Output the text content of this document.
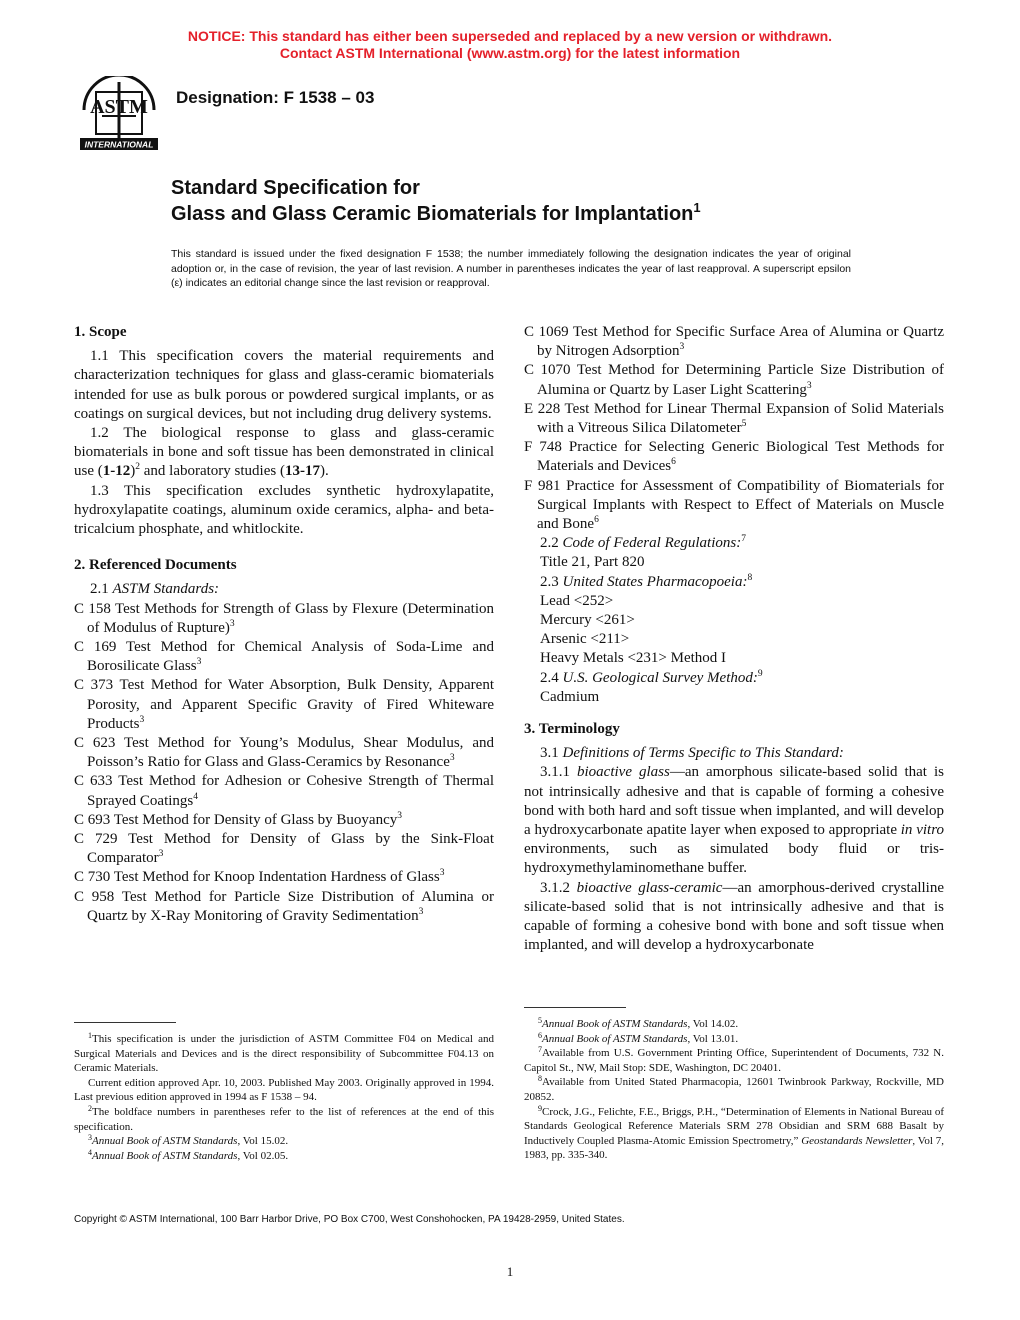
NOTICE: This standard has either been superseded and replaced by a new version or withdrawn.
Contact ASTM International (www.astm.org) for the latest information
ASTM
INTERNATIONAL
Designation: F 1538 – 03
Standard Specification for
Glass and Glass Ceramic Biomaterials for Implantation$^1$
This standard is issued under the fixed designation F 1538; the number immediately following the designation indicates the year of original adoption or, in the case of revision, the year of last revision. A number in parentheses indicates the year of last reapproval. A superscript epsilon (ε) indicates an editorial change since the last revision or reapproval.

1. Scope

1.1 This specification covers the material requirements and characterization techniques for glass and glass-ceramic biomaterials intended for use as bulk porous or powdered surgical implants, or as coatings on surgical devices, but not including drug delivery systems.

1.2 The biological response to glass and glass-ceramic biomaterials in bone and soft tissue has been demonstrated in clinical use $(1-12)^2$ and laboratory studies (13-17).

1.3 This specification excludes synthetic hydroxylapatite, hydroxylapatite coatings, aluminum oxide ceramics, alpha- and beta-tricalcium phosphate, and whitlockite.

2. Referenced Documents

2.1 ASTM Standards:

C 158 Test Methods for Strength of Glass by Flexure (Determination of Modulus of Rupture)$^3$

C 169 Test Method for Chemical Analysis of Soda-Lime and Borosilicate Glass$^3$

C 373 Test Method for Water Absorption, Bulk Density, Apparent Porosity, and Apparent Specific Gravity of Fired Whiteware Products$^3$

C 623 Test Method for Young’s Modulus, Shear Modulus, and Poisson’s Ratio for Glass and Glass-Ceramics by Resonance$^3$

C 633 Test Method for Adhesion or Cohesive Strength of Thermal Sprayed Coatings$^4$

C 693 Test Method for Density of Glass by Buoyancy$^3$

C 729 Test Method for Density of Glass by the Sink-Float Comparator$^3$

C 730 Test Method for Knoop Indentation Hardness of Glass$^3$

C 958 Test Method for Particle Size Distribution of Alumina or Quartz by X-Ray Monitoring of Gravity Sedimentation$^3$

C 1069 Test Method for Specific Surface Area of Alumina or Quartz by Nitrogen Adsorption$^3$

C 1070 Test Method for Determining Particle Size Distribution of Alumina or Quartz by Laser Light Scattering$^3$

E 228 Test Method for Linear Thermal Expansion of Solid Materials with a Vitreous Silica Dilatometer$^5$

F 748 Practice for Selecting Generic Biological Test Methods for Materials and Devices$^6$

F 981 Practice for Assessment of Compatibility of Biomaterials for Surgical Implants with Respect to Effect of Materials on Muscle and Bone$^6$

2.2 Code of Federal Regulations:$^7$

Title 21, Part 820

2.3 United States Pharmacopoeia:$^8$

Lead <252>

Mercury <261>

Arsenic <211>

Heavy Metals <231> Method I

2.4 U.S. Geological Survey Method:$^9$

Cadmium

3. Terminology

3.1 Definitions of Terms Specific to This Standard:

3.1.1 bioactive glass—an amorphous silicate-based solid that is not intrinsically adhesive and that is capable of forming a cohesive bond with both hard and soft tissue when implanted, and will develop a hydroxycarbonate apatite layer when exposed to appropriate in vitro environments, such as simulated body fluid or tris-hydroxymethylaminomethane buffer.

3.1.2 bioactive glass-ceramic—an amorphous-derived crystalline silicate-based solid that is not intrinsically adhesive and that is capable of forming a cohesive bond with bone and soft tissue when implanted, and will develop a hydroxycarbonate

$^1$This specification is under the jurisdiction of ASTM Committee F04 on Medical and Surgical Materials and Devices and is the direct responsibility of Subcommittee F04.13 on Ceramic Materials.

Current edition approved Apr. 10, 2003. Published May 2003. Originally approved in 1994. Last previous edition approved in 1994 as F 1538 – 94.

$^2$The boldface numbers in parentheses refer to the list of references at the end of this specification.

$^3$Annual Book of ASTM Standards, Vol 15.02.

$^4$Annual Book of ASTM Standards, Vol 02.05.

$^5$Annual Book of ASTM Standards, Vol 14.02.

$^6$Annual Book of ASTM Standards, Vol 13.01.

$^7$Available from U.S. Government Printing Office, Superintendent of Documents, 732 N. Capitol St., NW, Mail Stop: SDE, Washington, DC 20401.

$^8$Available from United Stated Pharmacopia, 12601 Twinbrook Parkway, Rockville, MD 20852.

$^9$Crock, J.G., Felichte, F.E., Briggs, P.H., “Determination of Elements in National Bureau of Standards Geological Reference Materials SRM 278 Obsidian and SRM 688 Basalt by Inductively Coupled Plasma-Atomic Emission Spectrometry,” Geostandards Newsletter, Vol 7, 1983, pp. 335-340.

Copyright © ASTM International, 100 Barr Harbor Drive, PO Box C700, West Conshohocken, PA 19428-2959, United States.
1
